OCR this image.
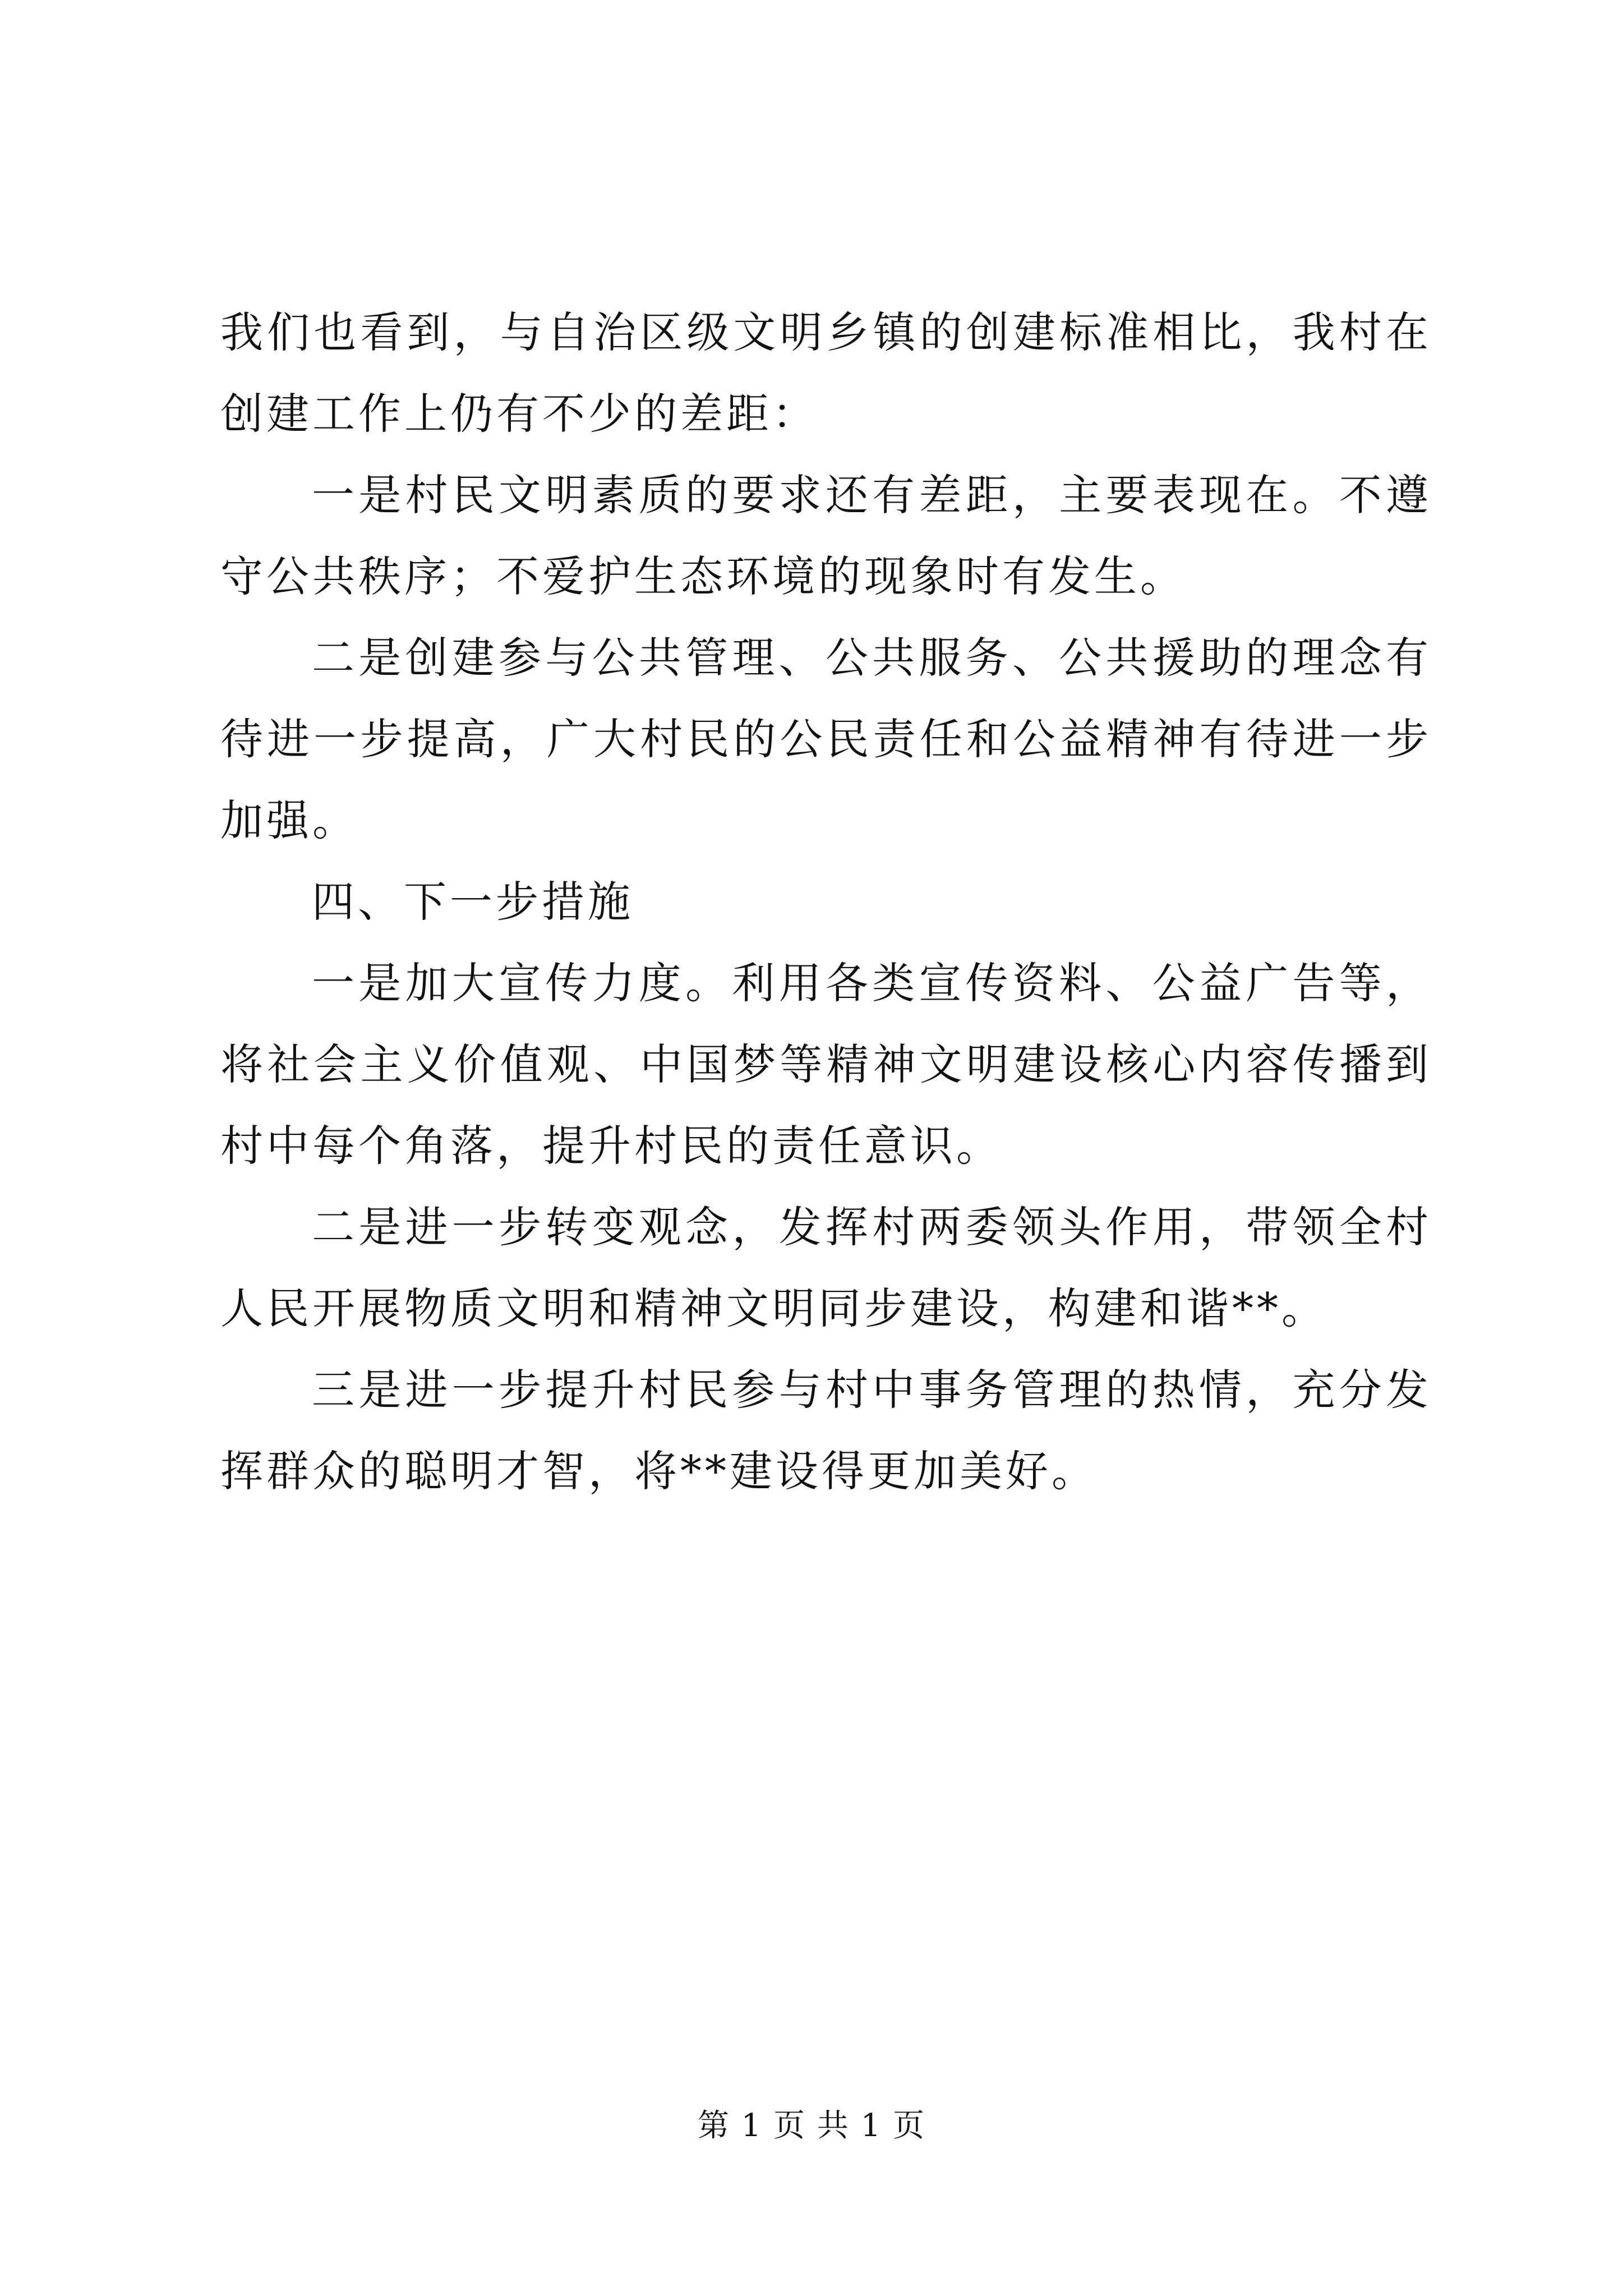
我们也看到，与自治区级文明乡镇的创建标准相比，我村在创建工作上仍有不少的差距：

一是村民文明素质的要求还有差距，主要表现在。不遵守公共秩序；不爱护生态环境的现象时有发生。

二是创建参与公共管理、公共服务、公共援助的理念有待进一步提高，广大村民的公民责任和公益精神有待进一步加强。

四、下一步措施

一是加大宣传力度。利用各类宣传资料、公益广告等，将社会主义价值观、中国梦等精神文明建设核心内容传播到村中每个角落，提升村民的责任意识。

二是进一步转变观念，发挥村两委领头作用，带领全村人民开展物质文明和精神文明同步建设，构建和谐**。

三是进一步提升村民参与村中事务管理的热情，充分发挥群众的聪明才智，将**建设得更加美好。

第 1 页 共 1 页
